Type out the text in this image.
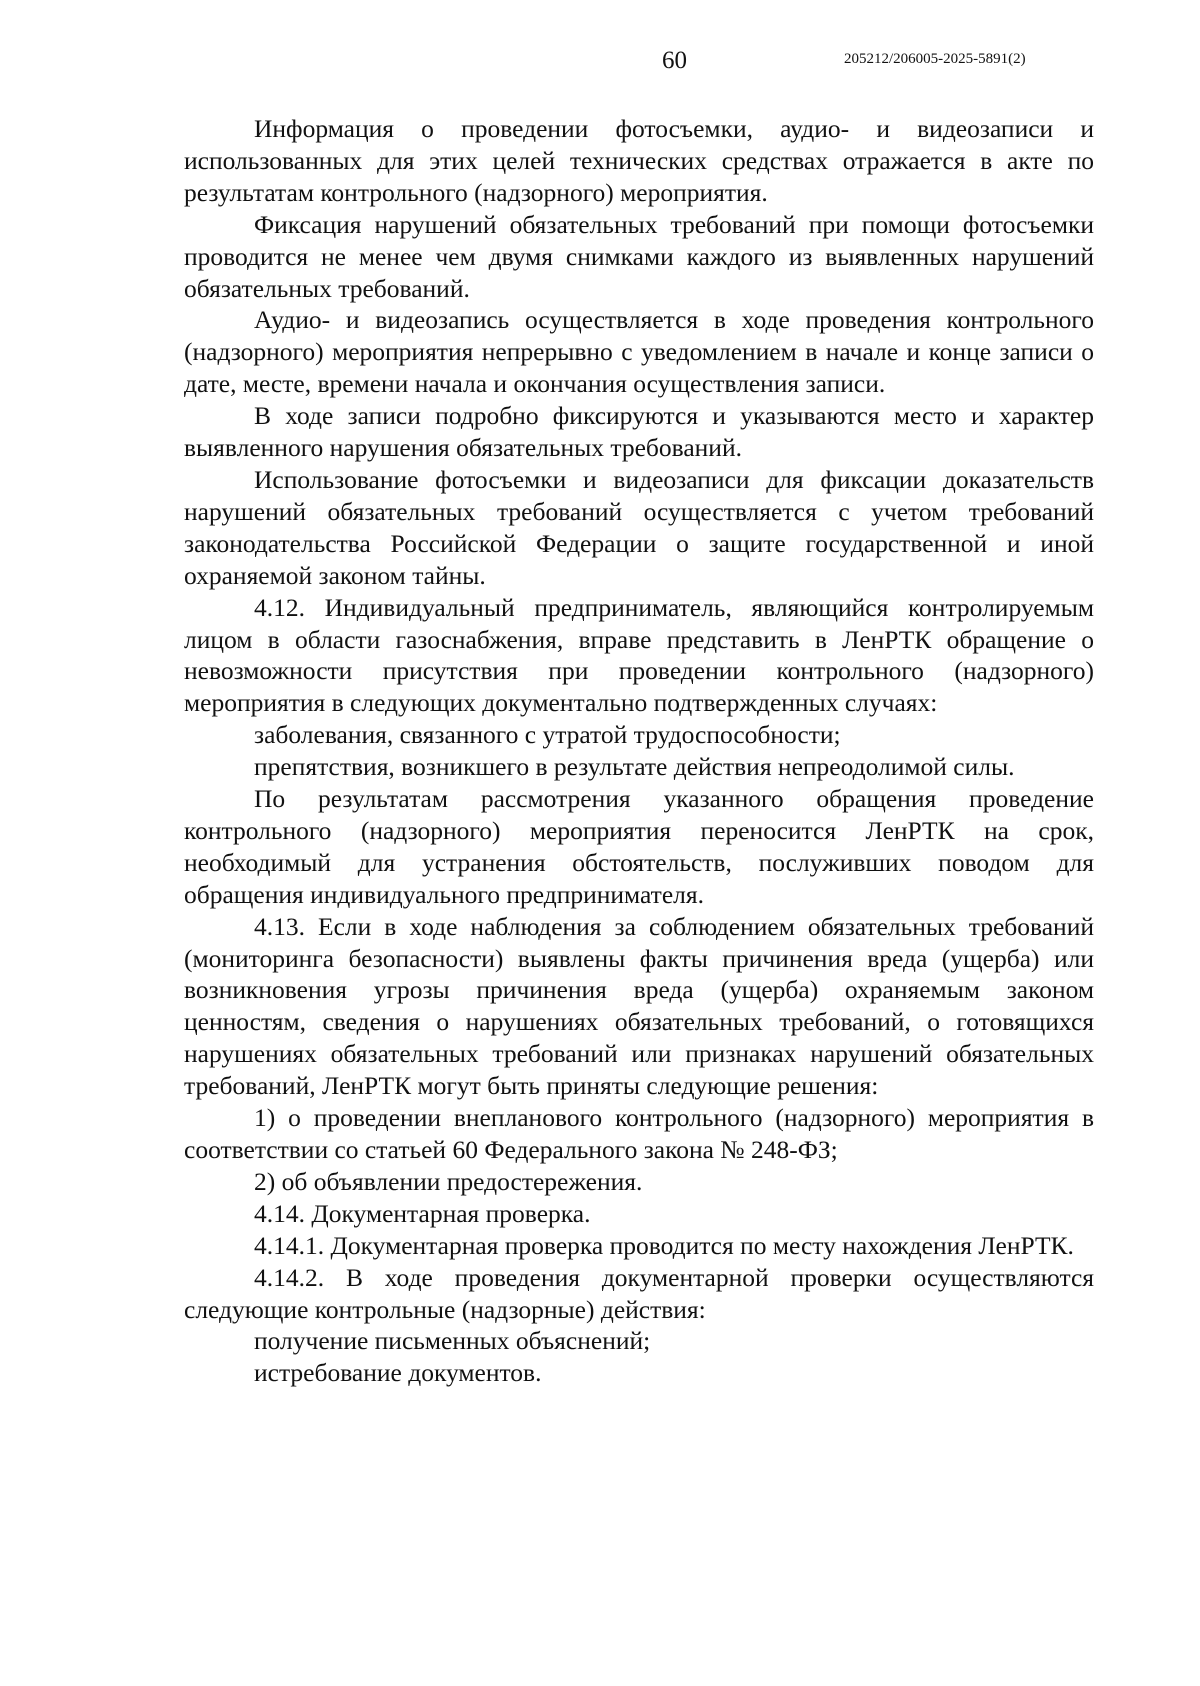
60	205212/206005-2025-5891(2)

Информация о проведении фотосъемки, аудио- и видеозаписи и использованных для этих целей технических средствах отражается в акте по результатам контрольного (надзорного) мероприятия.

Фиксация нарушений обязательных требований при помощи фотосъемки проводится не менее чем двумя снимками каждого из выявленных нарушений обязательных требований.

Аудио- и видеозапись осуществляется в ходе проведения контрольного (надзорного) мероприятия непрерывно с уведомлением в начале и конце записи о дате, месте, времени начала и окончания осуществления записи.

В ходе записи подробно фиксируются и указываются место и характер выявленного нарушения обязательных требований.

Использование фотосъемки и видеозаписи для фиксации доказательств нарушений обязательных требований осуществляется с учетом требований законодательства Российской Федерации о защите государственной и иной охраняемой законом тайны.

4.12. Индивидуальный предприниматель, являющийся контролируемым лицом в области газоснабжения, вправе представить в ЛенРТК обращение о невозможности присутствия при проведении контрольного (надзорного) мероприятия в следующих документально подтвержденных случаях:

заболевания, связанного с утратой трудоспособности;

препятствия, возникшего в результате действия непреодолимой силы.

По результатам рассмотрения указанного обращения проведение контрольного (надзорного) мероприятия переносится ЛенРТК на срок, необходимый для устранения обстоятельств, послуживших поводом для обращения индивидуального предпринимателя.

4.13. Если в ходе наблюдения за соблюдением обязательных требований (мониторинга безопасности) выявлены факты причинения вреда (ущерба) или возникновения угрозы причинения вреда (ущерба) охраняемым законом ценностям, сведения о нарушениях обязательных требований, о готовящихся нарушениях обязательных требований или признаках нарушений обязательных требований, ЛенРТК могут быть приняты следующие решения:

1) о проведении внепланового контрольного (надзорного) мероприятия в соответствии со статьей 60 Федерального закона № 248-ФЗ;

2) об объявлении предостережения.

4.14. Документарная проверка.

4.14.1. Документарная проверка проводится по месту нахождения ЛенРТК.

4.14.2. В ходе проведения документарной проверки осуществляются следующие контрольные (надзорные) действия:

получение письменных объяснений;

истребование документов.
